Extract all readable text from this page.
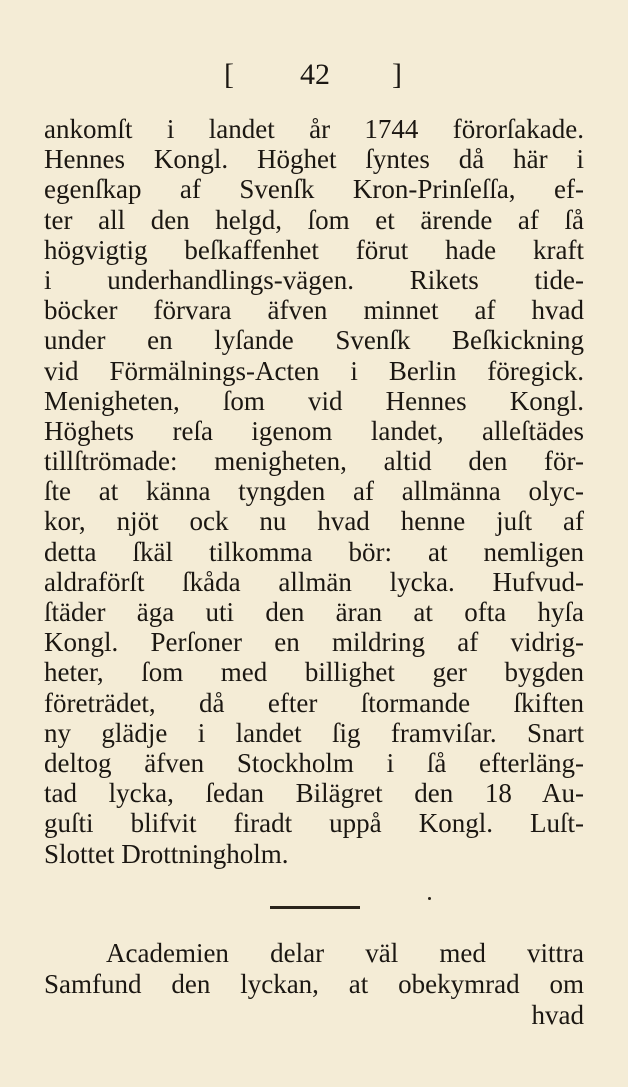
[ 42 ]
ankomſt i landet år 1744 förorſakade.
Hennes Kongl. Höghet ſyntes då här i
egenſkap af Svenſk Kron-Prinſeſſa, ef-
ter all den helgd, ſom et ärende af ſå
högvigtig beſkaffenhet förut hade kraft
i underhandlings-vägen. Rikets tide-
böcker förvara äfven minnet af hvad
under en lyſande Svenſk Beſkickning
vid Förmälnings-Acten i Berlin föregick.
Menigheten, ſom vid Hennes Kongl.
Höghets reſa igenom landet, alleſtädes
tillſtrömade: menigheten, altid den för-
ſte at känna tyngden af allmänna olyc-
kor, njöt ock nu hvad henne juſt af
detta ſkäl tilkomma bör: at nemligen
aldraförſt ſkåda allmän lycka. Hufvud-
ſtäder äga uti den äran at ofta hyſa
Kongl. Perſoner en mildring af vidrig-
heter, ſom med billighet ger bygden
företrädet, då efter ſtormande ſkiften
ny glädje i landet ſig framviſar. Snart
deltog äfven Stockholm i ſå efterläng-
tad lycka, ſedan Bilägret den 18 Au-
guſti blifvit firadt uppå Kongl. Luſt-
Slottet Drottningholm.
Academien delar väl med vittra
Samfund den lyckan, at obekymrad om
hvad
